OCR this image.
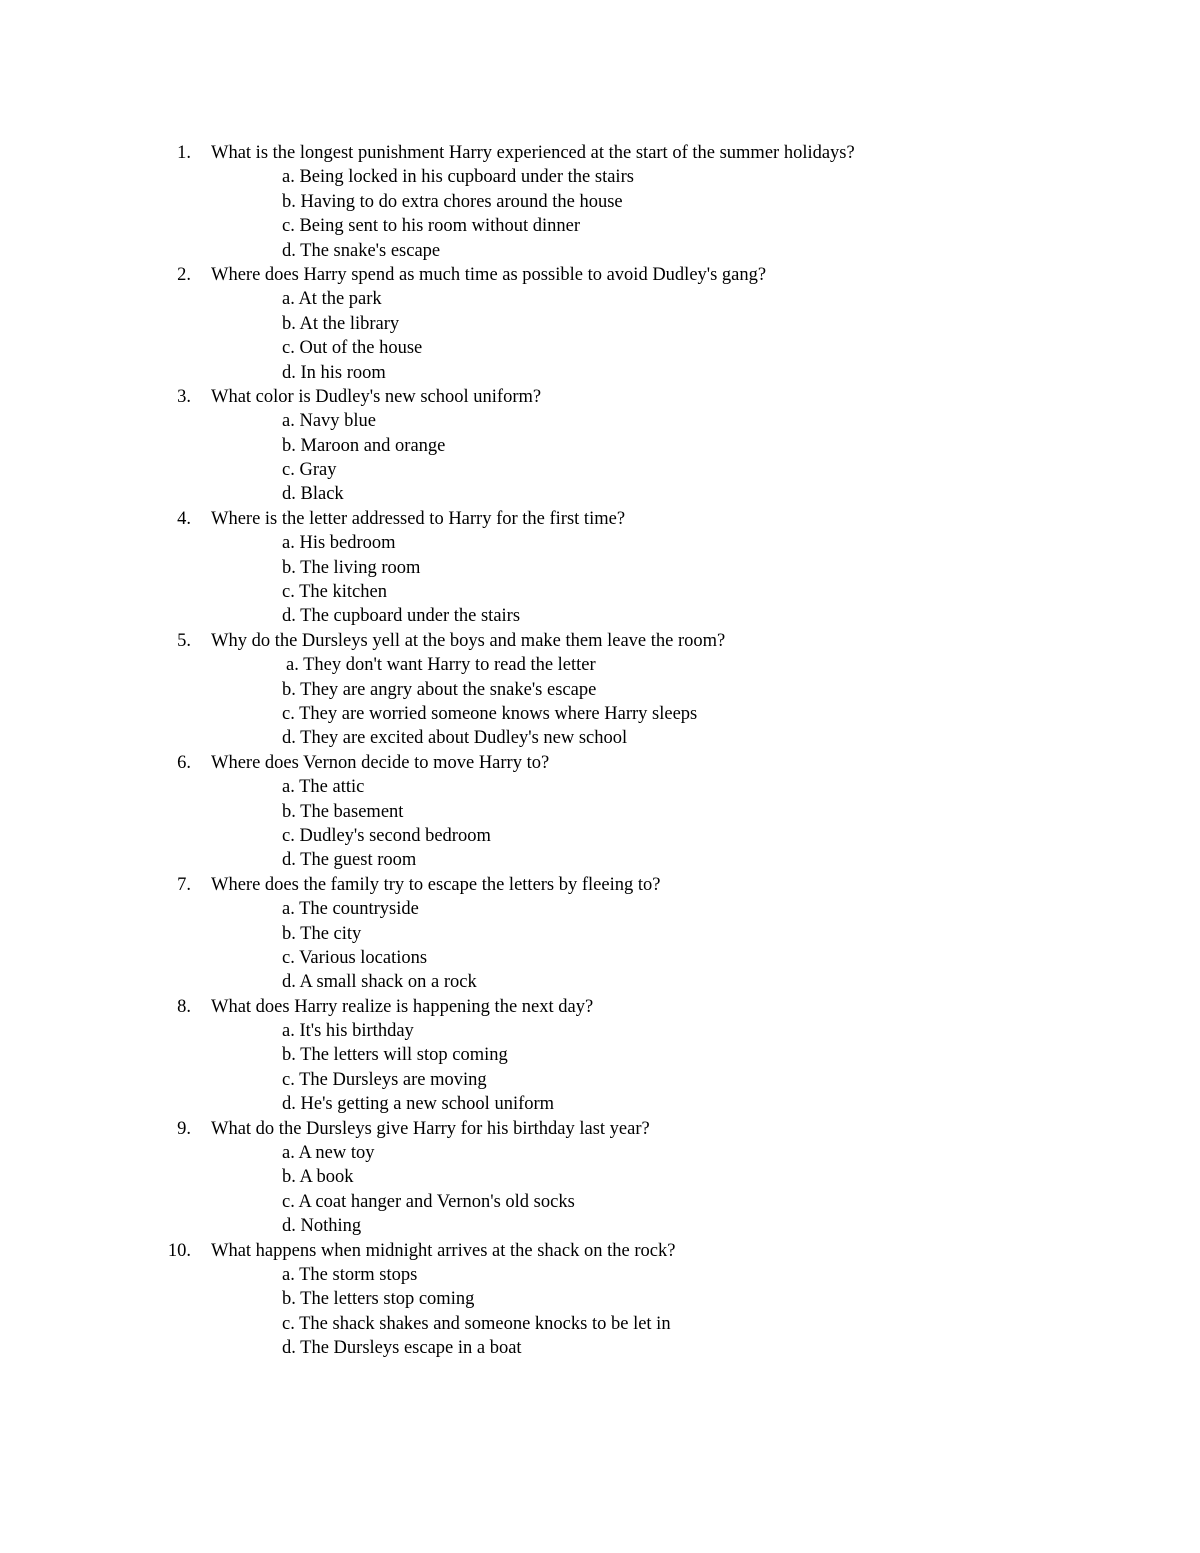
1. What is the longest punishment Harry experienced at the start of the summer holidays?
a. Being locked in his cupboard under the stairs
b. Having to do extra chores around the house
c. Being sent to his room without dinner
d. The snake's escape
2. Where does Harry spend as much time as possible to avoid Dudley's gang?
a. At the park
b. At the library
c. Out of the house
d. In his room
3. What color is Dudley's new school uniform?
a. Navy blue
b. Maroon and orange
c. Gray
d. Black
4. Where is the letter addressed to Harry for the first time?
a. His bedroom
b. The living room
c. The kitchen
d. The cupboard under the stairs
5. Why do the Dursleys yell at the boys and make them leave the room?
a. They don't want Harry to read the letter
b. They are angry about the snake's escape
c. They are worried someone knows where Harry sleeps
d. They are excited about Dudley's new school
6. Where does Vernon decide to move Harry to?
a. The attic
b. The basement
c. Dudley's second bedroom
d. The guest room
7. Where does the family try to escape the letters by fleeing to?
a. The countryside
b. The city
c. Various locations
d. A small shack on a rock
8. What does Harry realize is happening the next day?
a. It's his birthday
b. The letters will stop coming
c. The Dursleys are moving
d. He's getting a new school uniform
9. What do the Dursleys give Harry for his birthday last year?
a. A new toy
b. A book
c. A coat hanger and Vernon's old socks
d. Nothing
10. What happens when midnight arrives at the shack on the rock?
a. The storm stops
b. The letters stop coming
c. The shack shakes and someone knocks to be let in
d. The Dursleys escape in a boat
